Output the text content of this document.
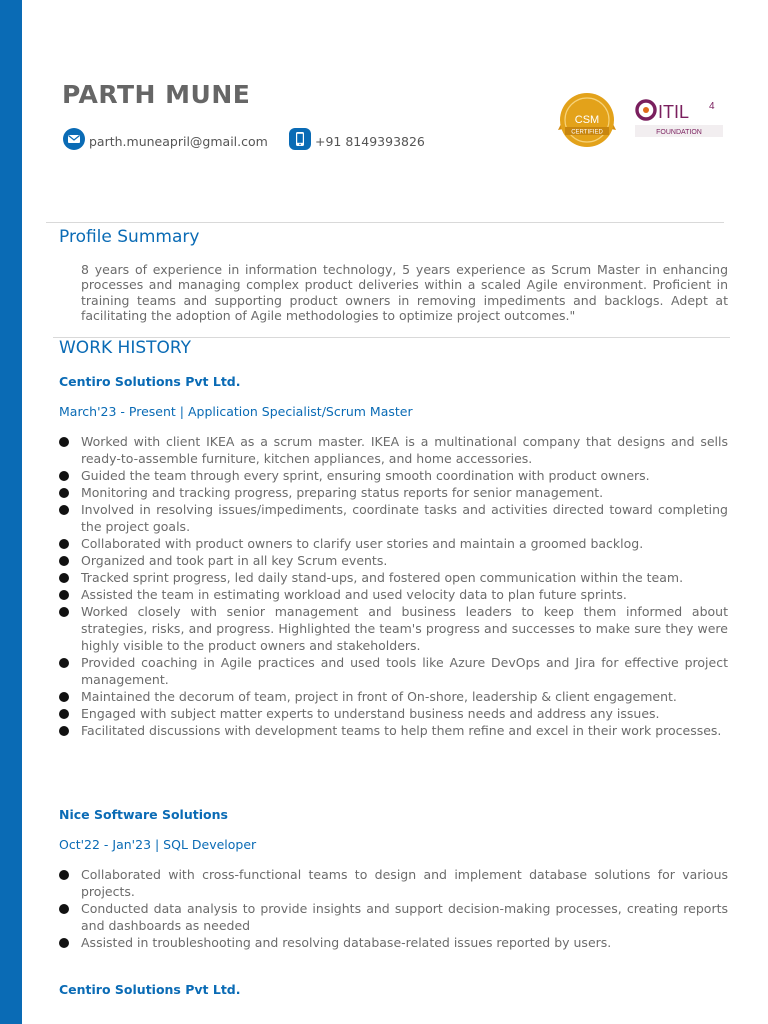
PARTH MUNE
parth.muneapril@gmail.com	+91 8149393826
CSM
CERTIFIED
ITIL 4
FOUNDATION
Profile Summary

8 years of experience in information technology, 5 years experience as Scrum Master in enhancing processes and managing complex product deliveries within a scaled Agile environment. Proficient in training teams and supporting product owners in removing impediments and backlogs. Adept at facilitating the adoption of Agile methodologies to optimize project outcomes."

WORK HISTORY

Centiro Solutions Pvt Ltd.

March'23 - Present | Application Specialist/Scrum Master

Worked with client IKEA as a scrum master. IKEA is a multinational company that designs and sells ready-to-assemble furniture, kitchen appliances, and home accessories.
Guided the team through every sprint, ensuring smooth coordination with product owners.
Monitoring and tracking progress, preparing status reports for senior management.
Involved in resolving issues/impediments, coordinate tasks and activities directed toward completing the project goals.
Collaborated with product owners to clarify user stories and maintain a groomed backlog.
Organized and took part in all key Scrum events.
Tracked sprint progress, led daily stand-ups, and fostered open communication within the team.
Assisted the team in estimating workload and used velocity data to plan future sprints.
Worked closely with senior management and business leaders to keep them informed about strategies, risks, and progress. Highlighted the team's progress and successes to make sure they were highly visible to the product owners and stakeholders.
Provided coaching in Agile practices and used tools like Azure DevOps and Jira for effective project management.
Maintained the decorum of team, project in front of On-shore, leadership & client engagement.
Engaged with subject matter experts to understand business needs and address any issues.
Facilitated discussions with development teams to help them refine and excel in their work processes.

Nice Software Solutions

Oct'22 - Jan'23 | SQL Developer

Collaborated with cross-functional teams to design and implement database solutions for various projects.
Conducted data analysis to provide insights and support decision-making processes, creating reports and dashboards as needed
Assisted in troubleshooting and resolving database-related issues reported by users.

Centiro Solutions Pvt Ltd.
